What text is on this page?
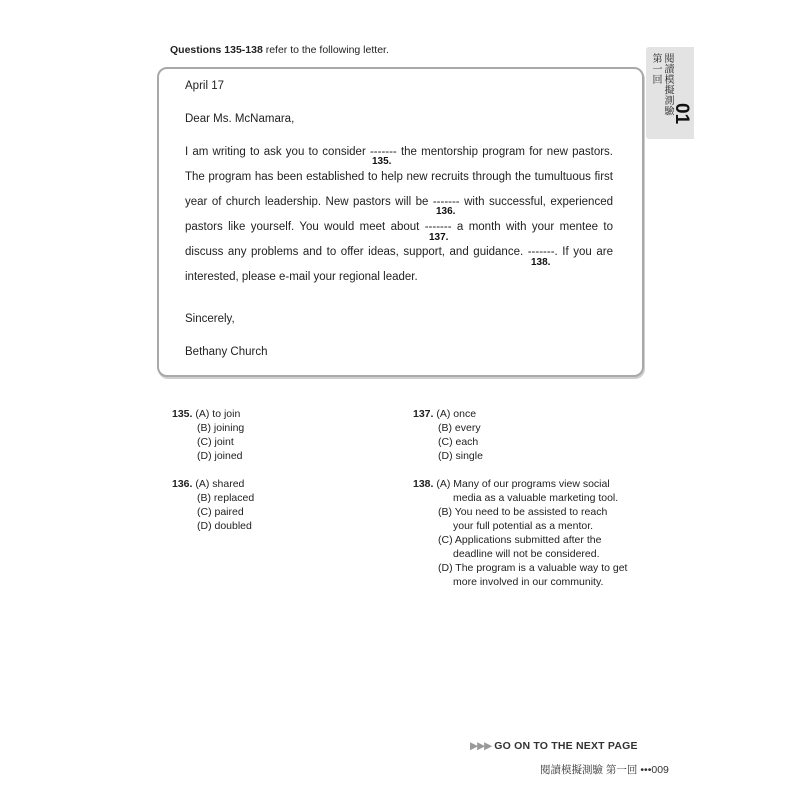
Questions 135-138 refer to the following letter.
第一回 閱讀模擬測驗
01
April 17
Dear Ms. McNamara,
I am writing to ask you to consider ------- the mentorship program for new pastors.
135.
The program has been established to help new recruits through the tumultuous first
year of church leadership. New pastors will be ------- with successful, experienced
136.
pastors like yourself. You would meet about ------- a month with your mentee to
137.
discuss any problems and to offer ideas, support, and guidance. -------. If you are
138.
interested, please e-mail your regional leader.
Sincerely,
Bethany Church
135. (A) to join
(B) joining
(C) joint
(D) joined
136. (A) shared
(B) replaced
(C) paired
(D) doubled
137. (A) once
(B) every
(C) each
(D) single
138. (A) Many of our programs view social
media as a valuable marketing tool.
(B) You need to be assisted to reach
your full potential as a mentor.
(C) Applications submitted after the
deadline will not be considered.
(D) The program is a valuable way to get
more involved in our community.
▶▶▶ GO ON TO THE NEXT PAGE
閱讀模擬測驗 第一回 •••009
